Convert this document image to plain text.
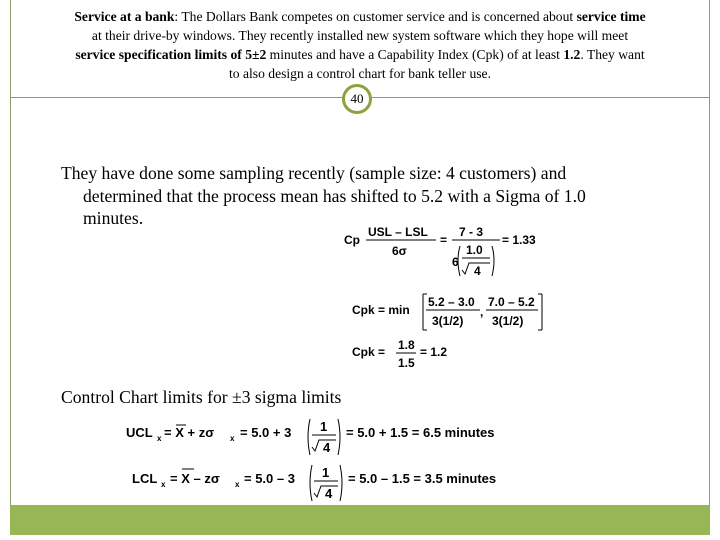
Service at a bank: The Dollars Bank competes on customer service and is concerned about service time
at their drive-by windows. They recently installed new system software which they hope will meet
service specification limits of 5±2 minutes and have a Capability Index (Cpk) of at least 1.2. They want
to also design a control chart for bank teller use.
40
They have done some sampling recently (sample size: 4 customers) and
determined that the process mean has shifted to 5.2 with a Sigma of 1.0
minutes.
Cp
USL – LSL
6σ
=
7 - 3
6
1.0
4
= 1.33
Cpk = min
5.2 – 3.0
3(1/2)
,
7.0 – 5.2
3(1/2)
Cpk = 1.8
1.5
= 1.2
Control Chart limits for ±3 sigma limits
UCL x = X + zσ x = 5.0 + 3 1
4
= 5.0 + 1.5 = 6.5 minutes
LCL x = X – zσ x = 5.0 – 3 1
4
= 5.0 – 1.5 = 3.5 minutes
